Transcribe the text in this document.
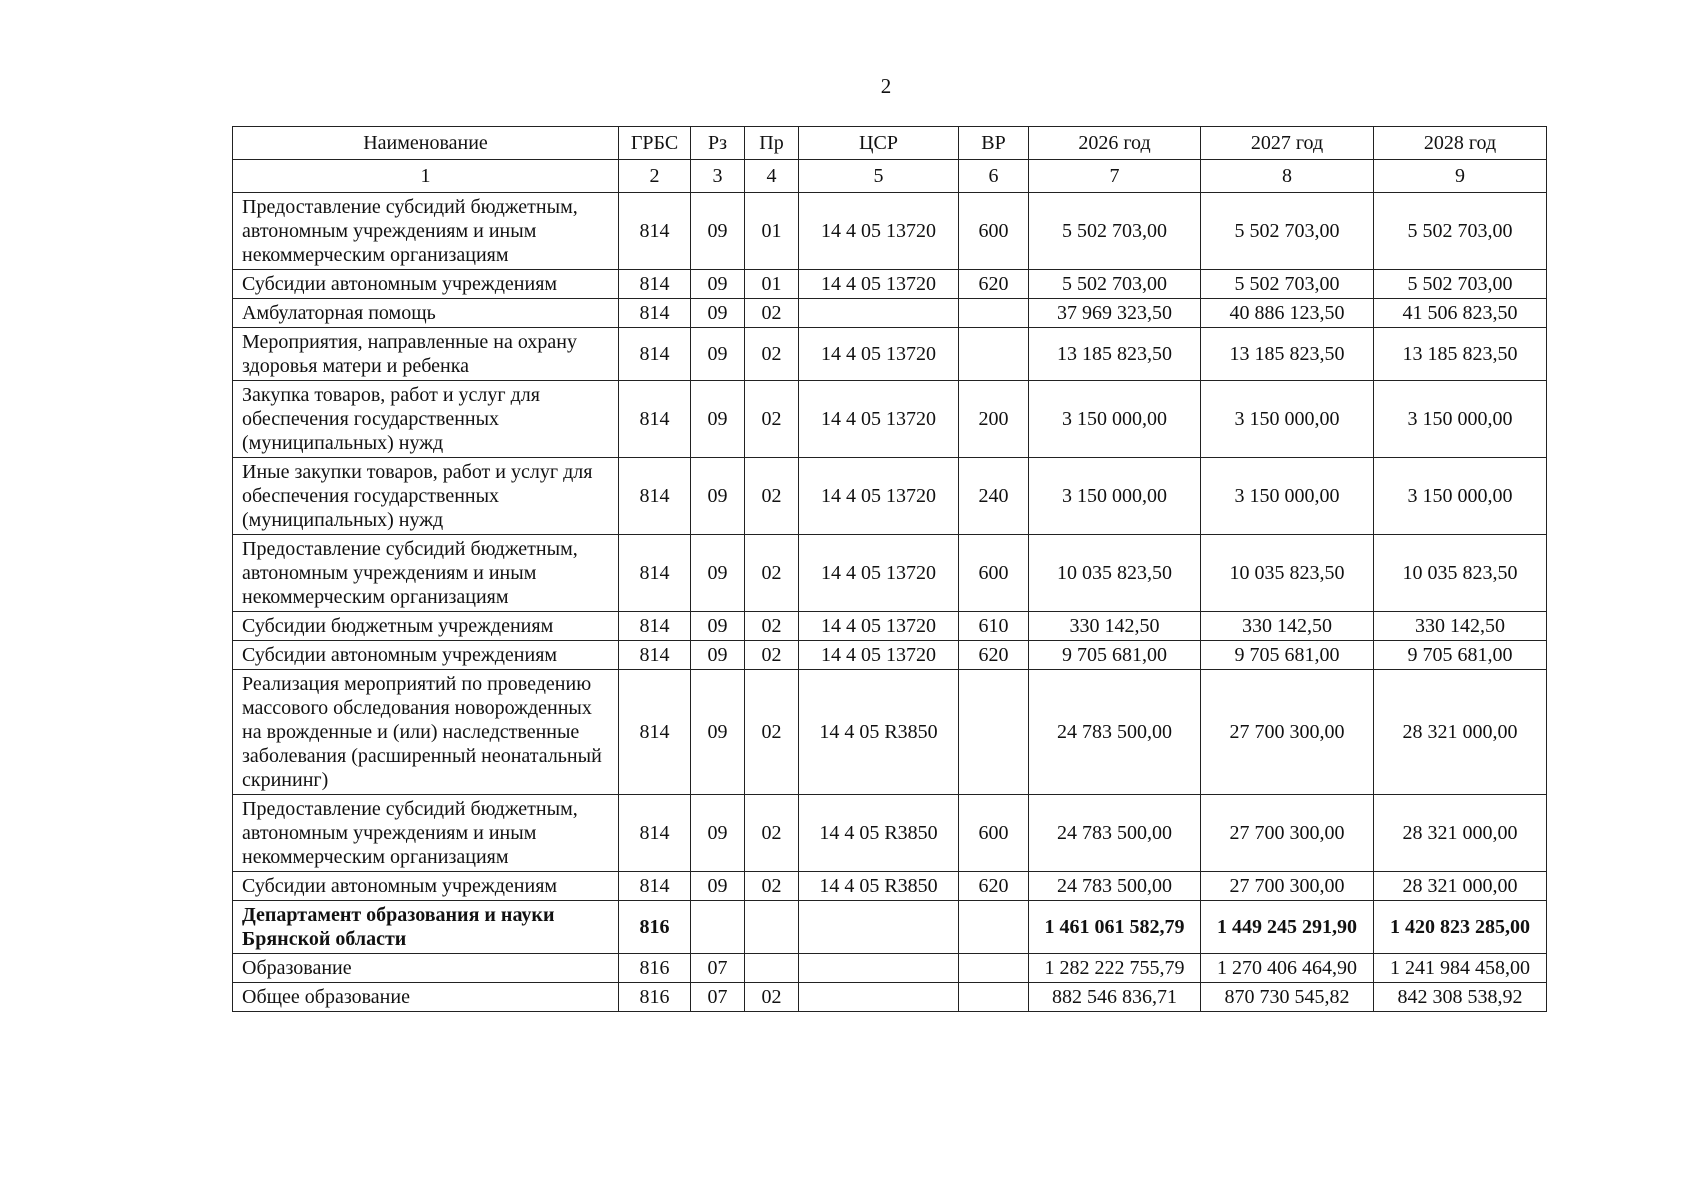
2
Наименование	ГРБС	Рз	Пр	ЦСР	ВР	2026 год	2027 год	2028 год
1	2	3	4	5	6	7	8	9
Предоставление субсидий бюджетным, автономным учреждениям и иным некоммерческим организациям	814	09	01	14 4 05 13720	600	5 502 703,00	5 502 703,00	5 502 703,00
Субсидии автономным учреждениям	814	09	01	14 4 05 13720	620	5 502 703,00	5 502 703,00	5 502 703,00
Амбулаторная помощь	814	09	02			37 969 323,50	40 886 123,50	41 506 823,50
Мероприятия, направленные на охрану здоровья матери и ребенка	814	09	02	14 4 05 13720		13 185 823,50	13 185 823,50	13 185 823,50
Закупка товаров, работ и услуг для обеспечения государственных (муниципальных) нужд	814	09	02	14 4 05 13720	200	3 150 000,00	3 150 000,00	3 150 000,00
Иные закупки товаров, работ и услуг для обеспечения государственных (муниципальных) нужд	814	09	02	14 4 05 13720	240	3 150 000,00	3 150 000,00	3 150 000,00
Предоставление субсидий бюджетным, автономным учреждениям и иным некоммерческим организациям	814	09	02	14 4 05 13720	600	10 035 823,50	10 035 823,50	10 035 823,50
Субсидии бюджетным учреждениям	814	09	02	14 4 05 13720	610	330 142,50	330 142,50	330 142,50
Субсидии автономным учреждениям	814	09	02	14 4 05 13720	620	9 705 681,00	9 705 681,00	9 705 681,00
Реализация мероприятий по проведению массового обследования новорожденных на врожденные и (или) наследственные заболевания (расширенный неонатальный скрининг)	814	09	02	14 4 05 R3850		24 783 500,00	27 700 300,00	28 321 000,00
Предоставление субсидий бюджетным, автономным учреждениям и иным некоммерческим организациям	814	09	02	14 4 05 R3850	600	24 783 500,00	27 700 300,00	28 321 000,00
Субсидии автономным учреждениям	814	09	02	14 4 05 R3850	620	24 783 500,00	27 700 300,00	28 321 000,00
Департамент образования и науки Брянской области	816					1 461 061 582,79	1 449 245 291,90	1 420 823 285,00
Образование	816	07				1 282 222 755,79	1 270 406 464,90	1 241 984 458,00
Общее образование	816	07	02			882 546 836,71	870 730 545,82	842 308 538,92
